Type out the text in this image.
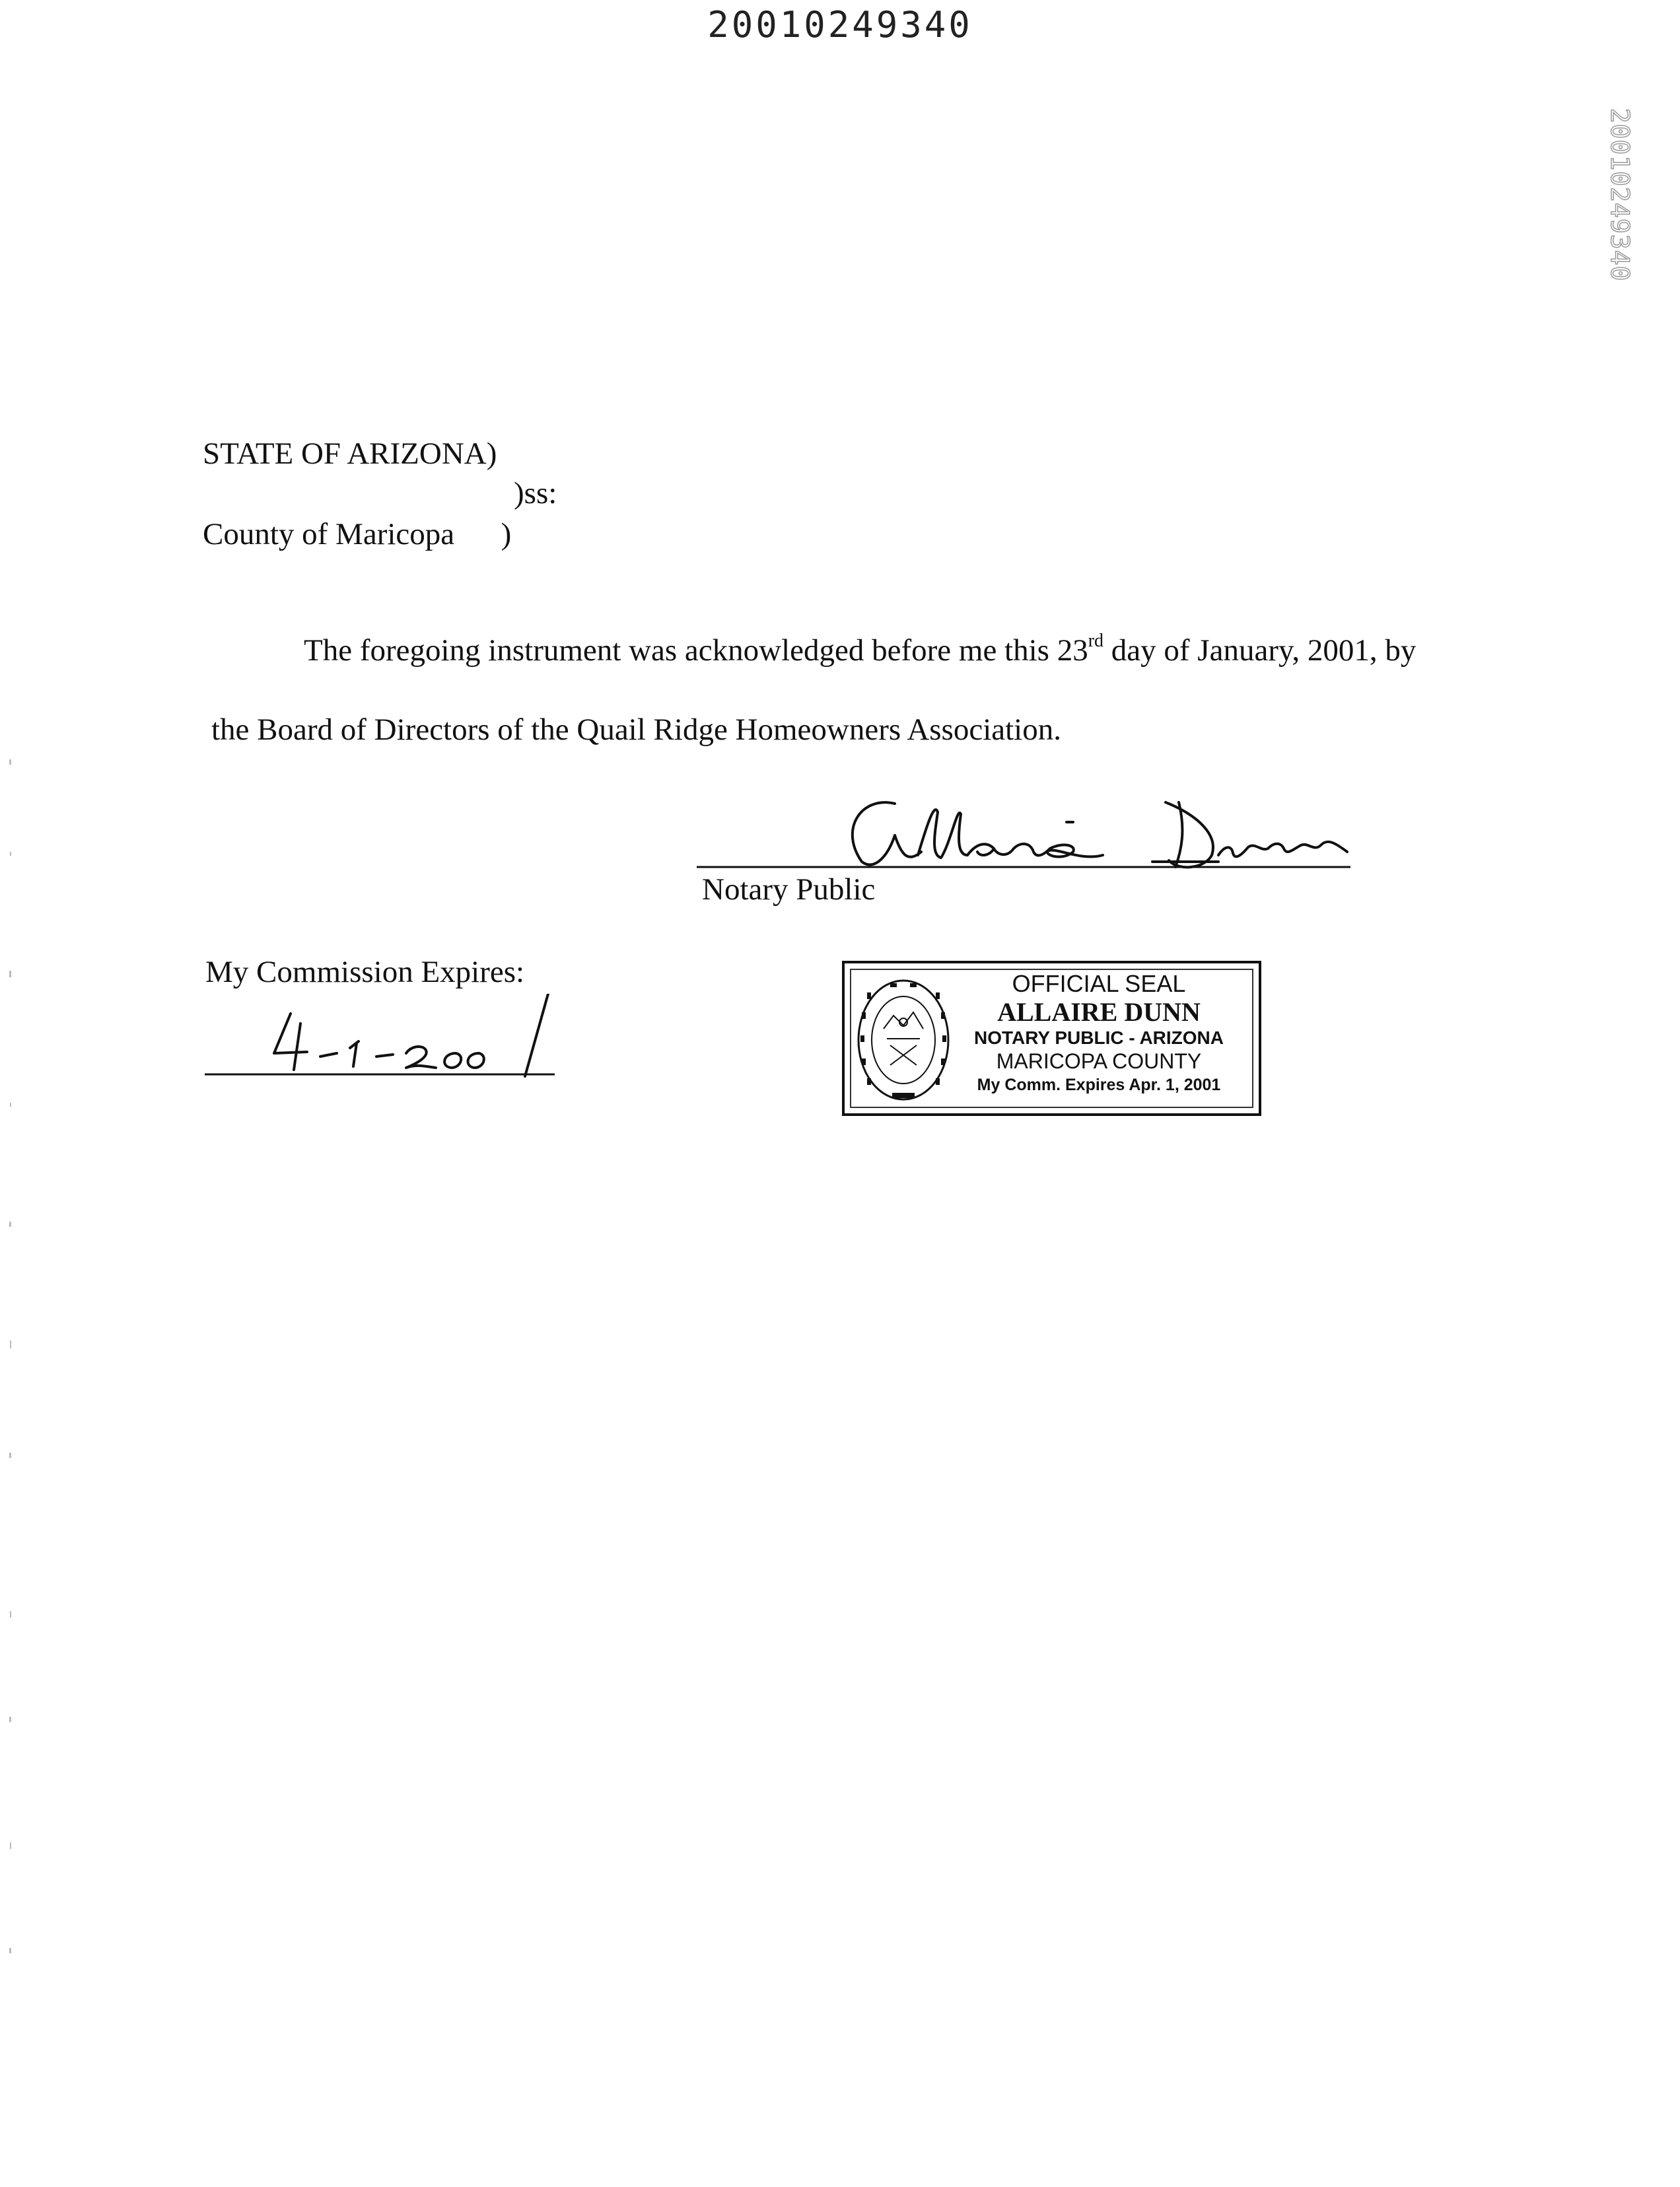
20010249340
20010249340
STATE OF ARIZONA)
)ss:
County of Maricopa      )
The foregoing instrument was acknowledged before me this 23rd day of January, 2001, by
the Board of Directors of the Quail Ridge Homeowners Association.
Notary Public
My Commission Expires:	OFFICIAL SEAL
ALLAIRE DUNN
NOTARY PUBLIC - ARIZONA
MARICOPA COUNTY
My Comm. Expires Apr. 1, 2001
